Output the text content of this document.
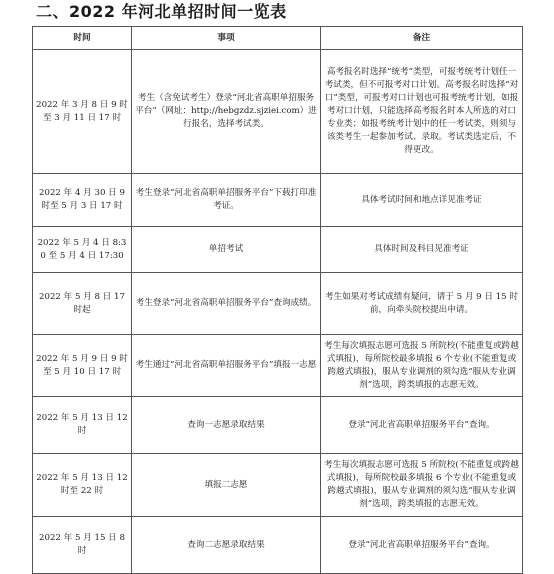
二、2022 年河北单招时间一览表
时间	事项	备注
2022 年 3 月 8 日 9 时至 3 月 11 日 17 时	考生（含免试考生）登录“河北省高职单招服务平台”（网址：http://hebgzdz.sjziei.com）进行报名，选择考试类。	高考报名时选择“统考”类型，可报考统考计划任一考试类，但不可报考对口计划。高考报名时选择“对口”类型，可报考对口计划也可报考统考计划，如报考对口计划，只能选择高考报名时本人所选的对口专业类；如报考统考计划中的任一考试类，则须与该类考生一起参加考试、录取。考试类选定后，不得更改。
2022 年 4 月 30 日 9 时至 5 月 3 日 17 时	考生登录“河北省高职单招服务平台”下载打印准考证。	具体考试时间和地点详见准考证
2022 年 5 月 4 日 8:30 至 5 月 4 日 17:30	单招考试	具体时间及科目见准考证
2022 年 5 月 8 日 17 时起	考生登录“河北省高职单招服务平台”查询成绩。	考生如果对考试成绩有疑问，请于 5 月 9 日 15 时前，向牵头院校提出申请。
2022 年 5 月 9 日 9 时至 5 月 10 日 17 时	考生通过“河北省高职单招服务平台”填报一志愿	考生每次填报志愿可选报 5 所院校(不能重复或跨越式填报)，每所院校最多填报 6 个专业(不能重复或跨越式填报)，服从专业调剂的须勾选“服从专业调剂”选项，跨类填报的志愿无效。
2022 年 5 月 13 日 12 时	查询一志愿录取结果	登录“河北省高职单招服务平台”查询。
2022 年 5 月 13 日 12 时至 22 时	填报二志愿	考生每次填报志愿可选报 5 所院校(不能重复或跨越式填报)，每所院校最多填报 6 个专业(不能重复或跨越式填报)，服从专业调剂的须勾选“服从专业调剂”选项，跨类填报的志愿无效。
2022 年 5 月 15 日 8 时	查询二志愿录取结果	登录“河北省高职单招服务平台”查询。
